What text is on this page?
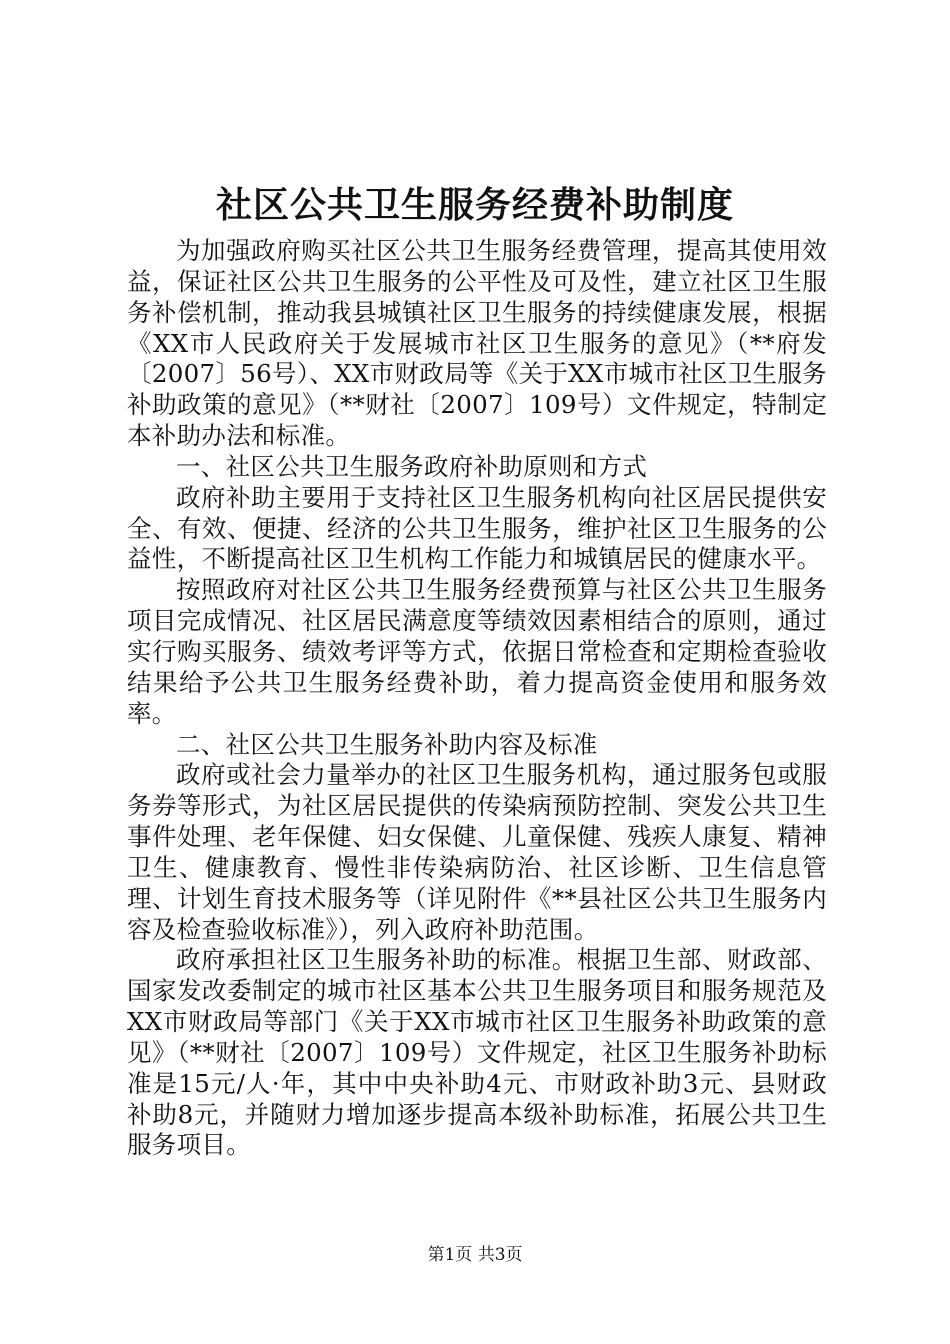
社区公共卫生服务经费补助制度

为加强政府购买社区公共卫生服务经费管理，提高其使用效益，保证社区公共卫生服务的公平性及可及性，建立社区卫生服务补偿机制，推动我县城镇社区卫生服务的持续健康发展，根据《XX市人民政府关于发展城市社区卫生服务的意见》（**府发〔2007〕56号）、XX市财政局等《关于XX市城市社区卫生服务补助政策的意见》（**财社〔2007〕109号）文件规定，特制定本补助办法和标准。

一、社区公共卫生服务政府补助原则和方式

政府补助主要用于支持社区卫生服务机构向社区居民提供安全、有效、便捷、经济的公共卫生服务，维护社区卫生服务的公益性，不断提高社区卫生机构工作能力和城镇居民的健康水平。

按照政府对社区公共卫生服务经费预算与社区公共卫生服务项目完成情况、社区居民满意度等绩效因素相结合的原则，通过实行购买服务、绩效考评等方式，依据日常检查和定期检查验收结果给予公共卫生服务经费补助，着力提高资金使用和服务效率。

二、社区公共卫生服务补助内容及标准

政府或社会力量举办的社区卫生服务机构，通过服务包或服务券等形式，为社区居民提供的传染病预防控制、突发公共卫生事件处理、老年保健、妇女保健、儿童保健、残疾人康复、精神卫生、健康教育、慢性非传染病防治、社区诊断、卫生信息管理、计划生育技术服务等（详见附件《**县社区公共卫生服务内容及检查验收标准》），列入政府补助范围。

政府承担社区卫生服务补助的标准。根据卫生部、财政部、国家发改委制定的城市社区基本公共卫生服务项目和服务规范及XX市财政局等部门《关于XX市城市社区卫生服务补助政策的意见》（**财社〔2007〕109号）文件规定，社区卫生服务补助标准是15元/人·年，其中中央补助4元、市财政补助3元、县财政补助8元，并随财力增加逐步提高本级补助标准，拓展公共卫生服务项目。

第1页 共3页
